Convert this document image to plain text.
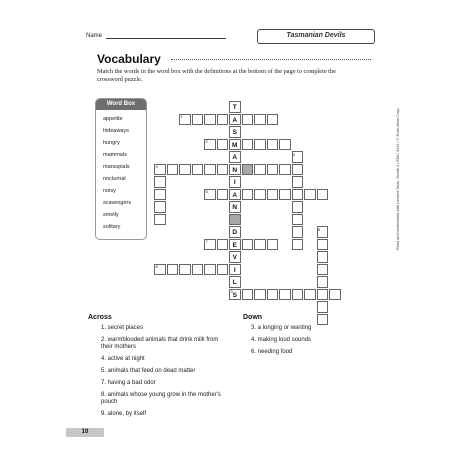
Name	Tasmanian Devils
Vocabulary
Match the words in the word box with the definitions at the bottom of the page to complete the crossword puzzle.
Word Box
appetite
hideaways
hungry
mammals
marsupials
nocturnal
noisy
scavengers
smelly
solitary
T
A
S
M
A
N
I
A
N
D
E
V
I
L
9 S
1
2
3
4
5
6
7
8
Across
1. secret places
2. warmblooded animals that drink milk from their mothers
4. active at night
5. animals that feed on dead matter
7. having a bad odor
8. animals whose young grow in the mother's pouch
9. alone, by itself
Down
3. a longing or wanting
4. making loud sounds
6. needing food
10
Read and Understand with Leveled Texts, Grade 4 • EMC 3444 • © Evan-Moor Corp.
